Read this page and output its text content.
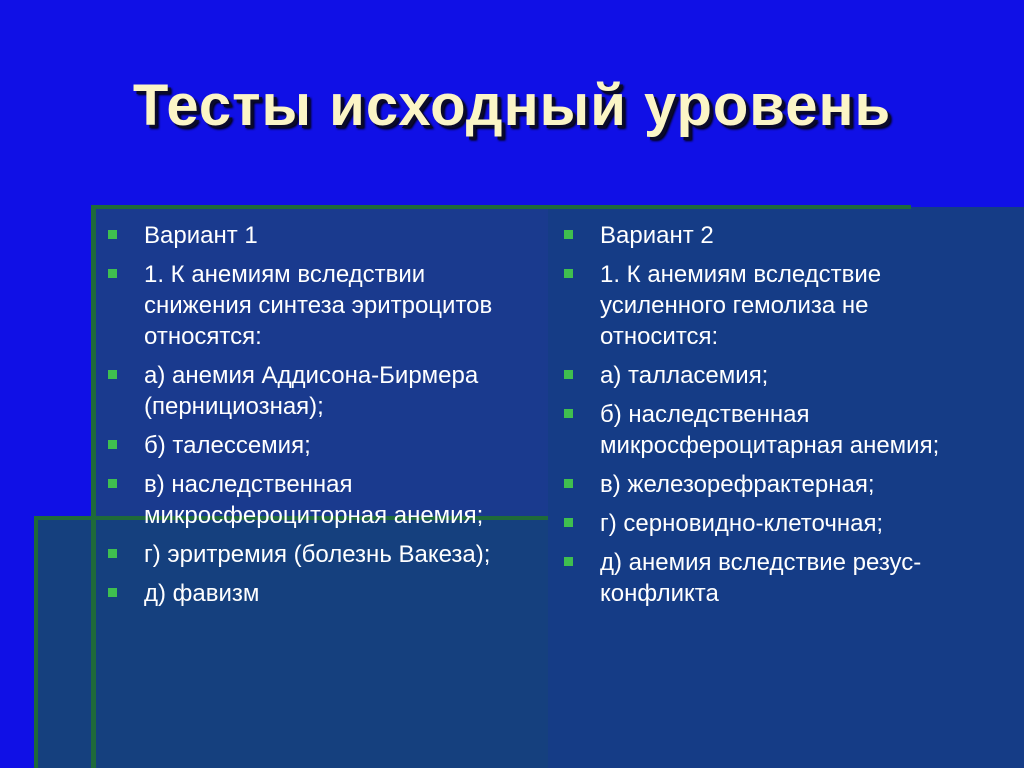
Тесты исходный уровень
Вариант 1
1. К анемиям вследствии снижения синтеза эритроцитов относятся:
а) анемия Аддисона-Бирмера (пернициозная);
б) талессемия;
в) наследственная микросфероциторная анемия;
г) эритремия (болезнь Вакеза);
д) фавизм
Вариант 2
1. К анемиям вследствие усиленного гемолиза не относится:
а) талласемия;
б) наследственная микросфероцитарная анемия;
в) железорефрактерная;
г) серновидно-клеточная;
д) анемия вследствие резус-конфликта
